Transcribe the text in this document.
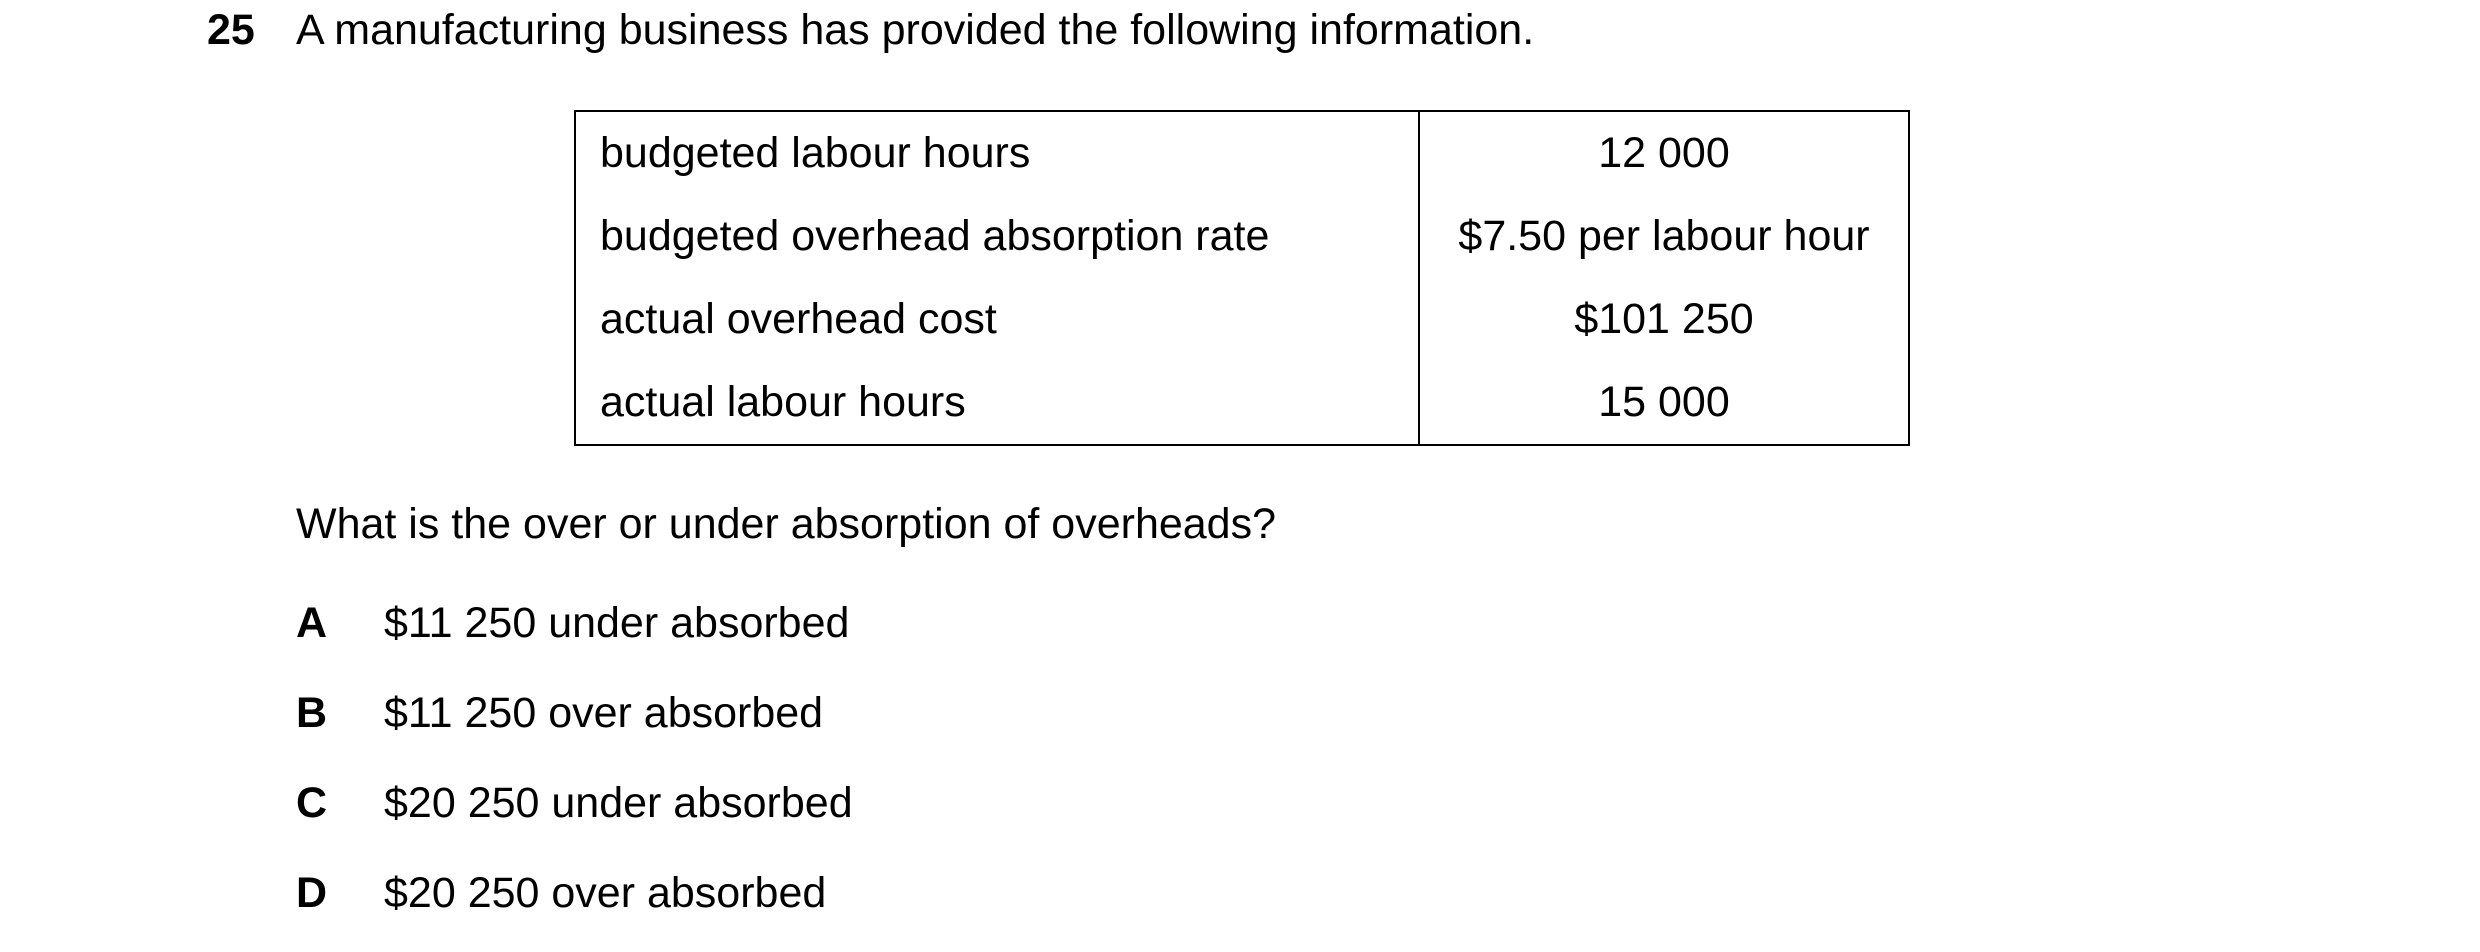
25 A manufacturing business has provided the following information.
budgeted labour hours	12 000
budgeted overhead absorption rate	$7.50 per labour hour
actual overhead cost	$101 250
actual labour hours	15 000
What is the over or under absorption of overheads?
A	$11 250 under absorbed
B	$11 250 over absorbed
C	$20 250 under absorbed
D	$20 250 over absorbed
